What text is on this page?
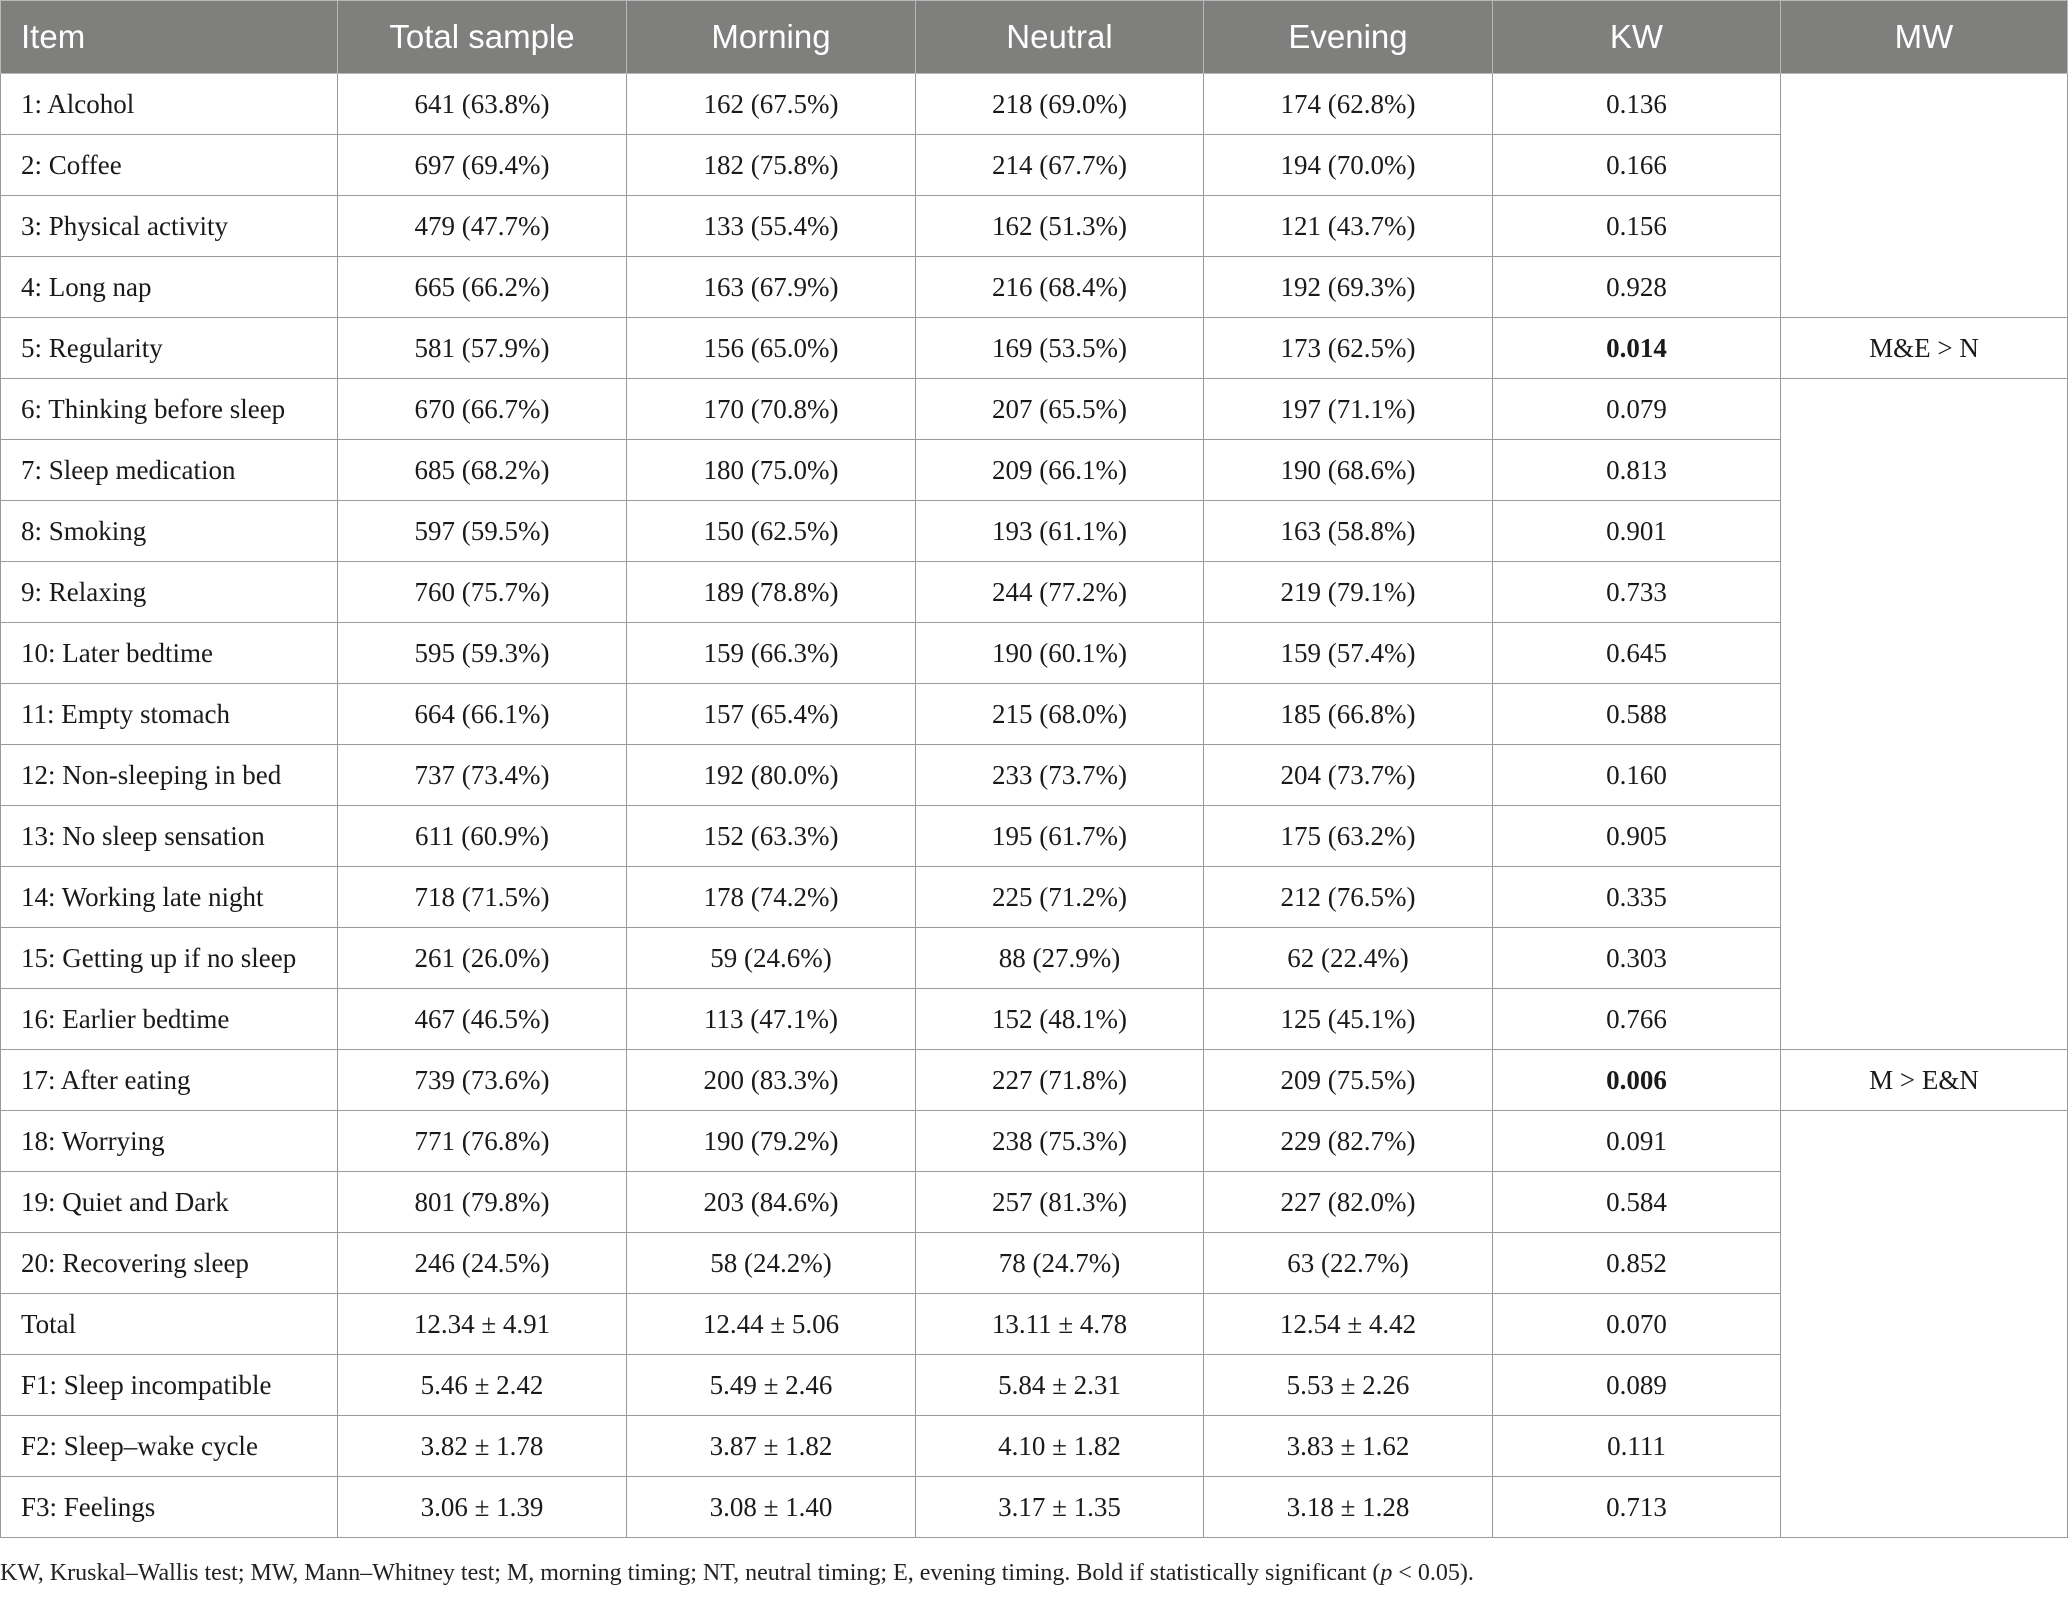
Item	Total sample	Morning	Neutral	Evening	KW	MW
1: Alcohol	641 (63.8%)	162 (67.5%)	218 (69.0%)	174 (62.8%)	0.136	
2: Coffee	697 (69.4%)	182 (75.8%)	214 (67.7%)	194 (70.0%)	0.166	
3: Physical activity	479 (47.7%)	133 (55.4%)	162 (51.3%)	121 (43.7%)	0.156	
4: Long nap	665 (66.2%)	163 (67.9%)	216 (68.4%)	192 (69.3%)	0.928	
5: Regularity	581 (57.9%)	156 (65.0%)	169 (53.5%)	173 (62.5%)	0.014	M&E > N
6: Thinking before sleep	670 (66.7%)	170 (70.8%)	207 (65.5%)	197 (71.1%)	0.079	
7: Sleep medication	685 (68.2%)	180 (75.0%)	209 (66.1%)	190 (68.6%)	0.813	
8: Smoking	597 (59.5%)	150 (62.5%)	193 (61.1%)	163 (58.8%)	0.901	
9: Relaxing	760 (75.7%)	189 (78.8%)	244 (77.2%)	219 (79.1%)	0.733	
10: Later bedtime	595 (59.3%)	159 (66.3%)	190 (60.1%)	159 (57.4%)	0.645	
11: Empty stomach	664 (66.1%)	157 (65.4%)	215 (68.0%)	185 (66.8%)	0.588	
12: Non-sleeping in bed	737 (73.4%)	192 (80.0%)	233 (73.7%)	204 (73.7%)	0.160	
13: No sleep sensation	611 (60.9%)	152 (63.3%)	195 (61.7%)	175 (63.2%)	0.905	
14: Working late night	718 (71.5%)	178 (74.2%)	225 (71.2%)	212 (76.5%)	0.335	
15: Getting up if no sleep	261 (26.0%)	59 (24.6%)	88 (27.9%)	62 (22.4%)	0.303	
16: Earlier bedtime	467 (46.5%)	113 (47.1%)	152 (48.1%)	125 (45.1%)	0.766	
17: After eating	739 (73.6%)	200 (83.3%)	227 (71.8%)	209 (75.5%)	0.006	M > E&N
18: Worrying	771 (76.8%)	190 (79.2%)	238 (75.3%)	229 (82.7%)	0.091	
19: Quiet and Dark	801 (79.8%)	203 (84.6%)	257 (81.3%)	227 (82.0%)	0.584	
20: Recovering sleep	246 (24.5%)	58 (24.2%)	78 (24.7%)	63 (22.7%)	0.852	
Total	12.34 ± 4.91	12.44 ± 5.06	13.11 ± 4.78	12.54 ± 4.42	0.070	
F1: Sleep incompatible	5.46 ± 2.42	5.49 ± 2.46	5.84 ± 2.31	5.53 ± 2.26	0.089	
F2: Sleep–wake cycle	3.82 ± 1.78	3.87 ± 1.82	4.10 ± 1.82	3.83 ± 1.62	0.111	
F3: Feelings	3.06 ± 1.39	3.08 ± 1.40	3.17 ± 1.35	3.18 ± 1.28	0.713	
KW, Kruskal–Wallis test; MW, Mann–Whitney test; M, morning timing; NT, neutral timing; E, evening timing. Bold if statistically significant (p < 0.05).
